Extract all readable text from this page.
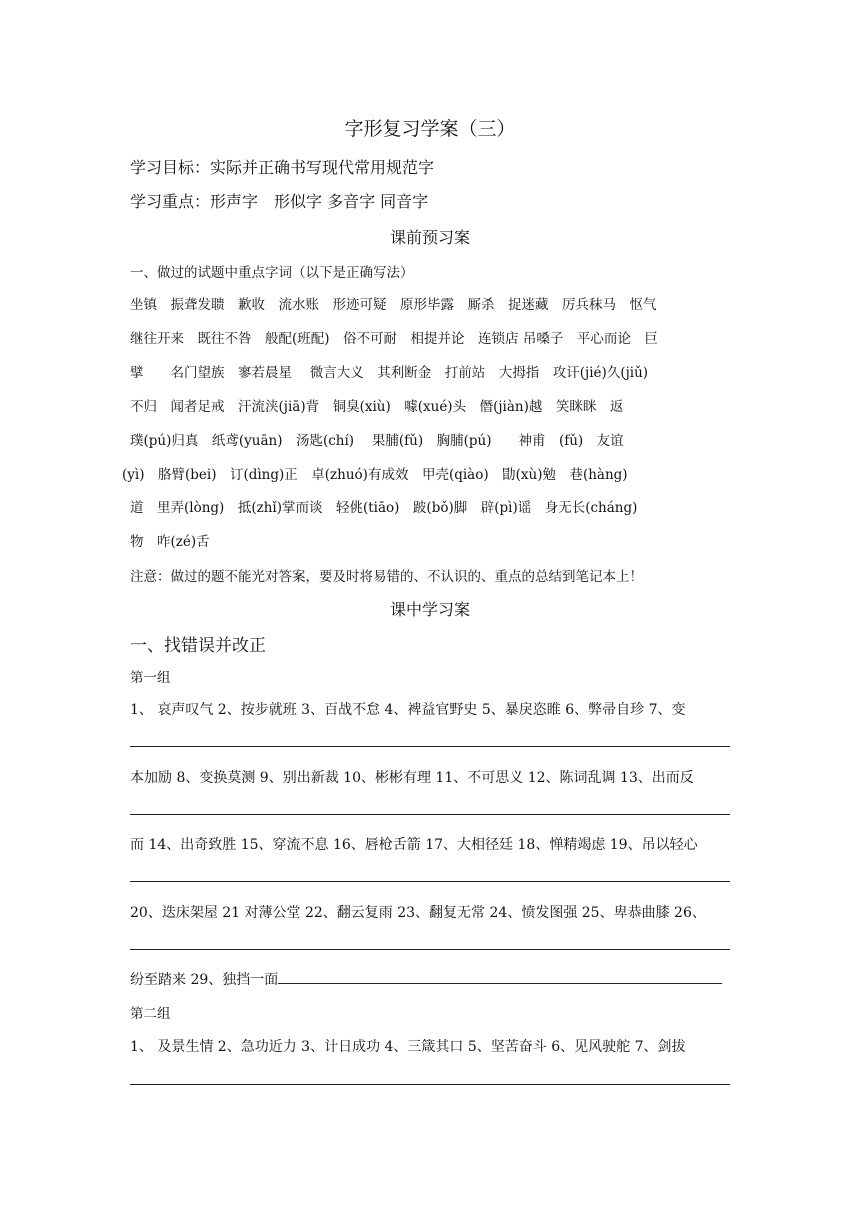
字形复习学案（三）
学习目标：实际并正确书写现代常用规范字
学习重点：形声字　形似字 多音字 同音字
课前预习案
一、做过的试题中重点字词（以下是正确写法）
坐镇　振聋发聩　歉收　流水账　形迹可疑　原形毕露　厮杀　捉迷藏　厉兵秣马　怄气
继往开来　既往不咎　般配(班配)　俗不可耐　相提并论　连锁店 吊嗓子　平心而论　巨
擘　　名门望族　寥若晨星　 微言大义　其利断金　打前站　大拇指　攻讦(jié)久(jiǔ)
不归　闻者足戒　汗流浃(jiā)背　铜臭(xiù)　噱(xué)头　僭(jiàn)越　笑眯眯　返
璞(pú)归真　纸鸢(yuān)　汤匙(chí)　 果脯(fǔ)　胸脯(pú)　　神甫　(fǔ)　友谊
(yì)　胳臂(bei)　订(dìng)正　卓(zhuó)有成效　甲壳(qiào)　勖(xù)勉　巷(hàng)
道　里弄(lòng)　抵(zhǐ)掌而谈　轻佻(tiāo)　跛(bǒ)脚　辟(pì)谣　身无长(cháng)
物　咋(zé)舌
注意：做过的题不能光对答案，要及时将易错的、不认识的、重点的总结到笔记本上！
课中学习案
一、找错误并改正
第一组
1、 哀声叹气 2、按步就班 3、百战不怠 4、裨益官野史 5、暴戾恣睢 6、弊帚自珍 7、变
本加励 8、变换莫测 9、别出新裁 10、彬彬有理 11、不可思义 12、陈词乱调 13、出而反
而 14、出奇致胜 15、穿流不息 16、唇枪舌箭 17、大相径廷 18、惮精竭虑 19、吊以轻心
20、迭床架屋 21 对薄公堂 22、翻云复雨 23、翻复无常 24、愤发图强 25、卑恭曲膝 26、
纷至踏来 29、独挡一面
第二组
1、 及景生情 2、急功近力 3、计日成功 4、三箴其口 5、坚苦奋斗 6、见风驶舵 7、剑拔
